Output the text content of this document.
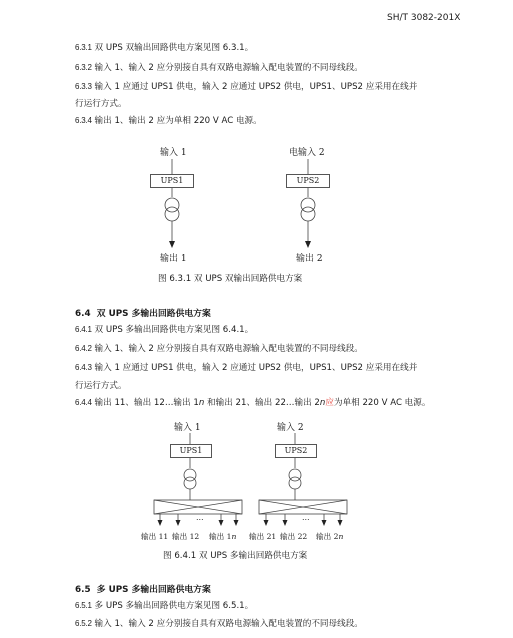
SH/T 3082-201X
6.3.1 双 UPS 双输出回路供电方案见图 6.3.1。
6.3.2 输入 1、输入 2 应分别接自具有双路电源输入配电装置的不同母线段。
6.3.3 输入 1 应通过 UPS1 供电，输入 2 应通过 UPS2 供电，UPS1、UPS2 应采用在线并
行运行方式。
6.3.4 输出 1、输出 2 应为单相 220 V AC 电源。
输入 1	电输入 2
UPS1	UPS2
输出 1	输出 2
图 6.3.1 双 UPS 双输出回路供电方案
6.4 双 UPS 多输出回路供电方案
6.4.1 双 UPS 多输出回路供电方案见图 6.4.1。
6.4.2 输入 1、输入 2 应分别接自具有双路电源输入配电装置的不同母线段。
6.4.3 输入 1 应通过 UPS1 供电，输入 2 应通过 UPS2 供电，UPS1、UPS2 应采用在线并
行运行方式。
6.4.4 输出 11、输出 12…输出 1n 和输出 21、输出 22…输出 2n应为单相 220 V AC 电源。
输入 1	输入 2
UPS1	UPS2
…	…
输出 11 输出 12 输出 1n 输出 21 输出 22 输出 2n
图 6.4.1 双 UPS 多输出回路供电方案
6.5 多 UPS 多输出回路供电方案
6.5.1 多 UPS 多输出回路供电方案见图 6.5.1。
6.5.2 输入 1、输入 2 应分别接自具有双路电源输入配电装置的不同母线段。
